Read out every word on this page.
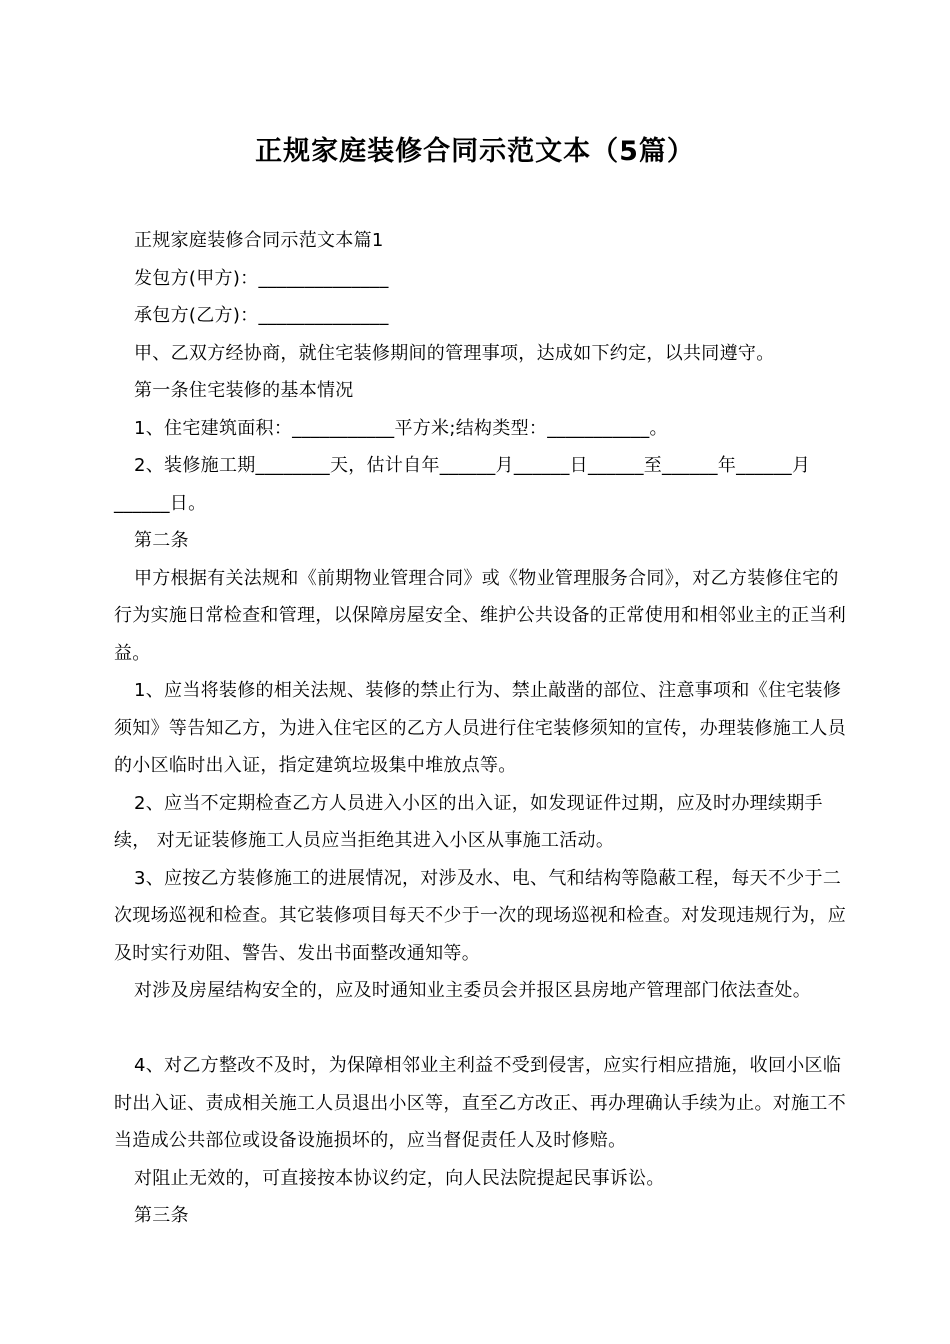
正规家庭装修合同示范文本（5篇）

正规家庭装修合同示范文本篇1

发包方(甲方)：______________

承包方(乙方)：______________

甲、乙双方经协商，就住宅装修期间的管理事项，达成如下约定，以共同遵守。

第一条住宅装修的基本情况

1、住宅建筑面积：___________平方米;结构类型：___________。

2、装修施工期________天，估计自年______月______日______至______年______月______日。

第二条

甲方根据有关法规和《前期物业管理合同》或《物业管理服务合同》，对乙方装修住宅的行为实施日常检查和管理，以保障房屋安全、维护公共设备的正常使用和相邻业主的正当利益。

1、应当将装修的相关法规、装修的禁止行为、禁止敲凿的部位、注意事项和《住宅装修须知》等告知乙方，为进入住宅区的乙方人员进行住宅装修须知的宣传，办理装修施工人员的小区临时出入证，指定建筑垃圾集中堆放点等。

2、应当不定期检查乙方人员进入小区的出入证，如发现证件过期，应及时办理续期手续， 对无证装修施工人员应当拒绝其进入小区从事施工活动。

3、应按乙方装修施工的进展情况，对涉及水、电、气和结构等隐蔽工程，每天不少于二次现场巡视和检查。其它装修项目每天不少于一次的现场巡视和检查。对发现违规行为，应及时实行劝阻、警告、发出书面整改通知等。

对涉及房屋结构安全的，应及时通知业主委员会并报区县房地产管理部门依法查处。

4、对乙方整改不及时，为保障相邻业主利益不受到侵害，应实行相应措施，收回小区临时出入证、责成相关施工人员退出小区等，直至乙方改正、再办理确认手续为止。对施工不当造成公共部位或设备设施损坏的，应当督促责任人及时修赔。

对阻止无效的，可直接按本协议约定，向人民法院提起民事诉讼。

第三条
